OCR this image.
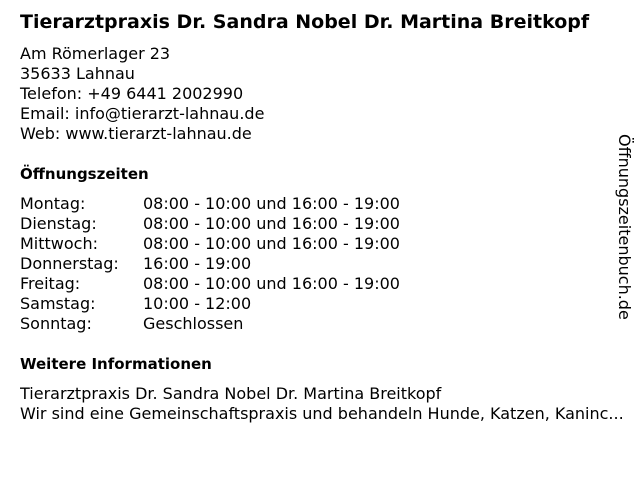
Tierarztpraxis Dr. Sandra Nobel Dr. Martina Breitkopf
Am Römerlager 23
35633 Lahnau
Telefon: +49 6441 2002990
Email: info@tierarzt-lahnau.de
Web: www.tierarzt-lahnau.de
Öffnungszeiten
Montag:	08:00 - 10:00 und 16:00 - 19:00
Dienstag:	08:00 - 10:00 und 16:00 - 19:00
Mittwoch:	08:00 - 10:00 und 16:00 - 19:00
Donnerstag:	16:00 - 19:00
Freitag:	08:00 - 10:00 und 16:00 - 19:00
Samstag:	10:00 - 12:00
Sonntag:	Geschlossen
Weitere Informationen
Tierarztpraxis Dr. Sandra Nobel Dr. Martina Breitkopf
Wir sind eine Gemeinschaftspraxis und behandeln Hunde, Katzen, Kaninc...
Öffnungszeitenbuch.de
